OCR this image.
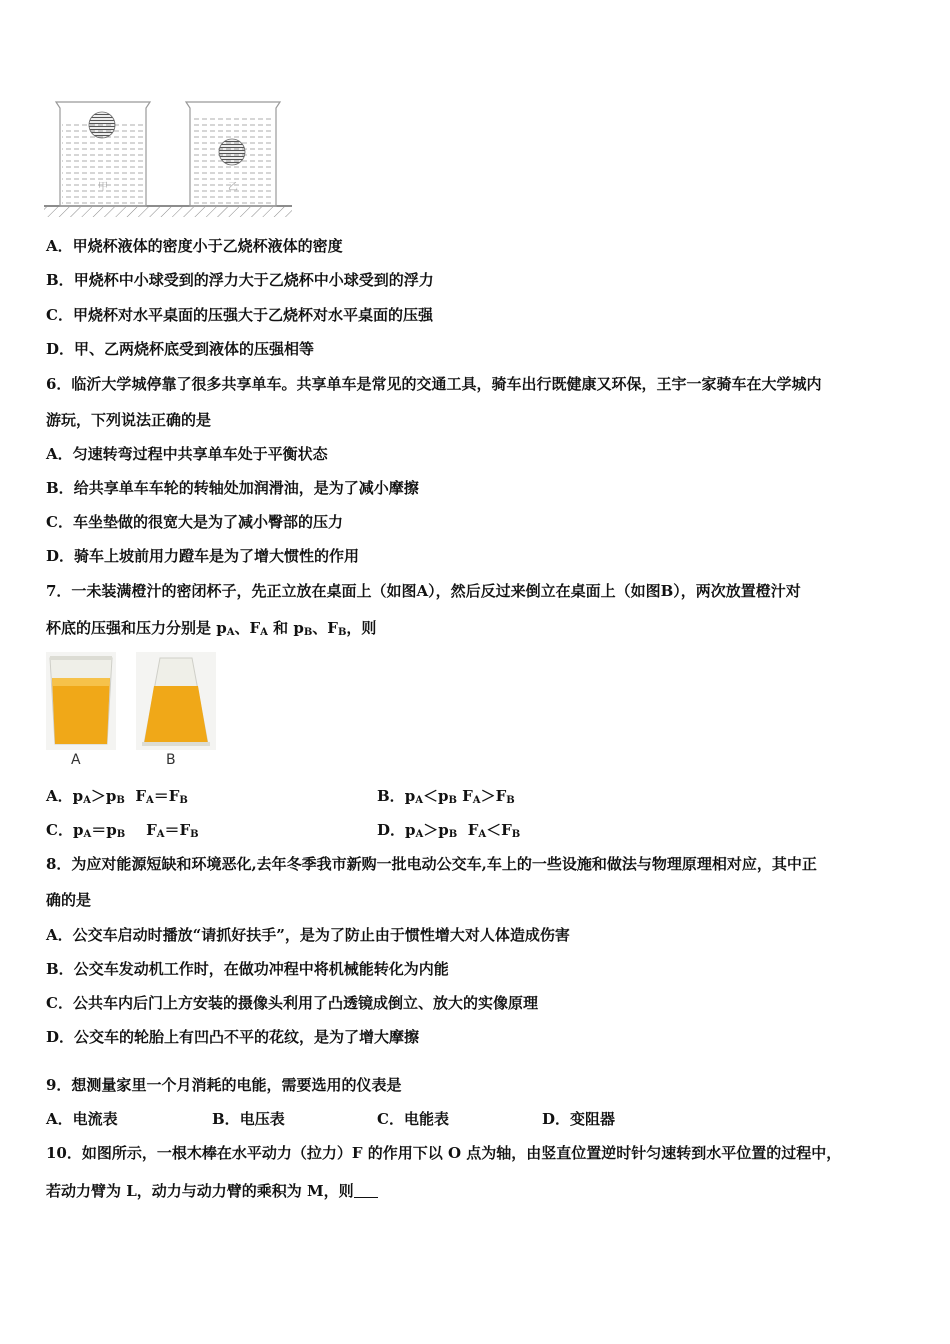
甲	乙
A．甲烧杯液体的密度小于乙烧杯液体的密度
B．甲烧杯中小球受到的浮力大于乙烧杯中小球受到的浮力
C．甲烧杯对水平桌面的压强大于乙烧杯对水平桌面的压强
D．甲、乙两烧杯底受到液体的压强相等
6．临沂大学城停靠了很多共享单车。共享单车是常见的交通工具，骑车出行既健康又环保，王宇一家骑车在大学城内
游玩，下列说法正确的是
A．匀速转弯过程中共享单车处于平衡状态
B．给共享单车车轮的转轴处加润滑油，是为了减小摩擦
C．车坐垫做的很宽大是为了减小臀部的压力
D．骑车上坡前用力蹬车是为了增大惯性的作用
7．一未装满橙汁的密闭杯子，先正立放在桌面上（如图A），然后反过来倒立在桌面上（如图B），两次放置橙汁对
杯底的压强和压力分别是 $p_A$、$F_A$ 和 $p_B$、$F_B$，则
A	B
A．$p_A>p_B$ $F_A=F_B$	B．$p_A<p_B$ $F_A>F_B$
C．$p_A=p_B$ $F_A=F_B$	D．$p_A>p_B$ $F_A<F_B$
8．为应对能源短缺和环境恶化,去年冬季我市新购一批电动公交车,车上的一些设施和做法与物理原理相对应，其中正
确的是
A．公交车启动时播放“请抓好扶手”，是为了防止由于惯性增大对人体造成伤害
B．公交车发动机工作时，在做功冲程中将机械能转化为内能
C．公共车内后门上方安装的摄像头利用了凸透镜成倒立、放大的实像原理
D．公交车的轮胎上有凹凸不平的花纹，是为了增大摩擦
9．想测量家里一个月消耗的电能，需要选用的仪表是
A．电流表	B．电压表	C．电能表	D．变阻器
10．如图所示，一根木棒在水平动力（拉力）F 的作用下以 O 点为轴，由竖直位置逆时针匀速转到水平位置的过程中，
若动力臂为 L，动力与动力臂的乘积为 M，则
